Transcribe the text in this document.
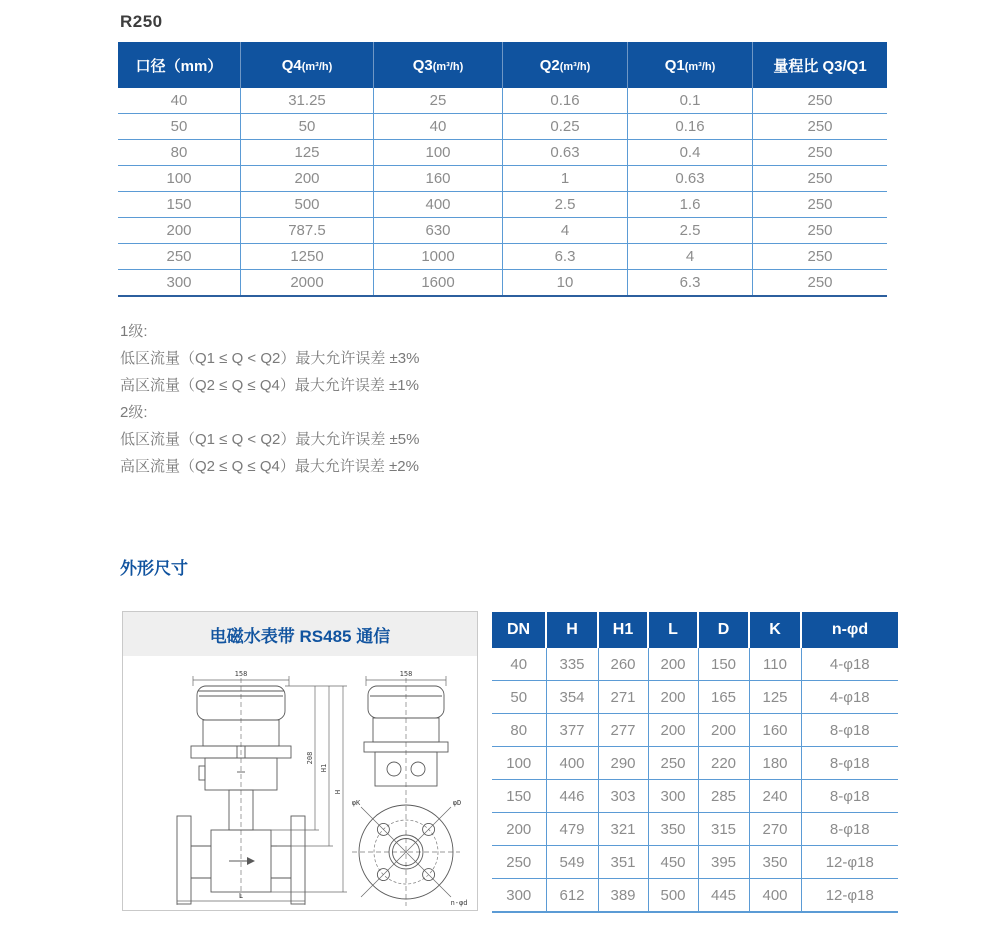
R250
口径（mm）	Q4(m³/h)	Q3(m³/h)	Q2(m³/h)	Q1(m³/h)	量程比 Q3/Q1
40	31.25	25	0.16	0.1	250
50	50	40	0.25	0.16	250
80	125	100	0.63	0.4	250
100	200	160	1	0.63	250
150	500	400	2.5	1.6	250
200	787.5	630	4	2.5	250
250	1250	1000	6.3	4	250
300	2000	1600	10	6.3	250
1级:
低区流量（Q1 ≤ Q < Q2）最大允许误差 ±3%
高区流量（Q2 ≤ Q ≤ Q4）最大允许误差 ±1%
2级:
低区流量（Q1 ≤ Q < Q2）最大允许误差 ±5%
高区流量（Q2 ≤ Q ≤ Q4）最大允许误差 ±2%
外形尺寸
电磁水表带 RS485 通信
158
L
208
H1
H
158
φK	φD
n-φd
DN	H	H1	L	D	K	n-φd
40	335	260	200	150	110	4-φ18
50	354	271	200	165	125	4-φ18
80	377	277	200	200	160	8-φ18
100	400	290	250	220	180	8-φ18
150	446	303	300	285	240	8-φ18
200	479	321	350	315	270	8-φ18
250	549	351	450	395	350	12-φ18
300	612	389	500	445	400	12-φ18
